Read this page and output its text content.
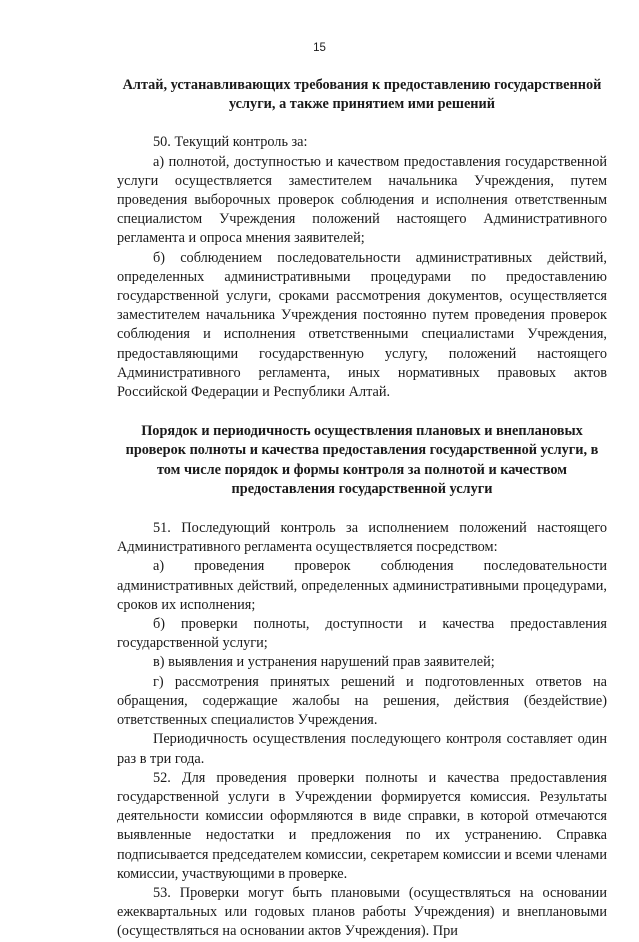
15

Алтай, устанавливающих требования к предоставлению государственной услуги, а также принятием ими решений

50. Текущий контроль за:

а) полнотой, доступностью и качеством предоставления государственной услуги осуществляется заместителем начальника Учреждения, путем проведения выборочных проверок соблюдения и исполнения ответственным специалистом Учреждения положений настоящего Административного регламента и опроса мнения заявителей;

б) соблюдением последовательности административных действий, определенных административными процедурами по предоставлению государственной услуги, сроками рассмотрения документов, осуществляется заместителем начальника Учреждения постоянно путем проведения проверок соблюдения и исполнения ответственными специалистами Учреждения, предоставляющими государственную услугу, положений настоящего Административного регламента, иных нормативных правовых актов Российской Федерации и Республики Алтай.

Порядок и периодичность осуществления плановых и внеплановых проверок полноты и качества предоставления государственной услуги, в том числе порядок и формы контроля за полнотой и качеством предоставления государственной услуги

51. Последующий контроль за исполнением положений настоящего Административного регламента осуществляется посредством:

а) проведения проверок соблюдения последовательности административных действий, определенных административными процедурами, сроков их исполнения;

б) проверки полноты, доступности и качества предоставления государственной услуги;

в) выявления и устранения нарушений прав заявителей;

г) рассмотрения принятых решений и подготовленных ответов на обращения, содержащие жалобы на решения, действия (бездействие) ответственных специалистов Учреждения.

Периодичность осуществления последующего контроля составляет один раз в три года.

52. Для проведения проверки полноты и качества предоставления государственной услуги в Учреждении формируется комиссия. Результаты деятельности комиссии оформляются в виде справки, в которой отмечаются выявленные недостатки и предложения по их устранению. Справка подписывается председателем комиссии, секретарем комиссии и всеми членами комиссии, участвующими в проверке.

53. Проверки могут быть плановыми (осуществляться на основании ежеквартальных или годовых планов работы Учреждения) и внеплановыми (осуществляться на основании актов Учреждения). При
